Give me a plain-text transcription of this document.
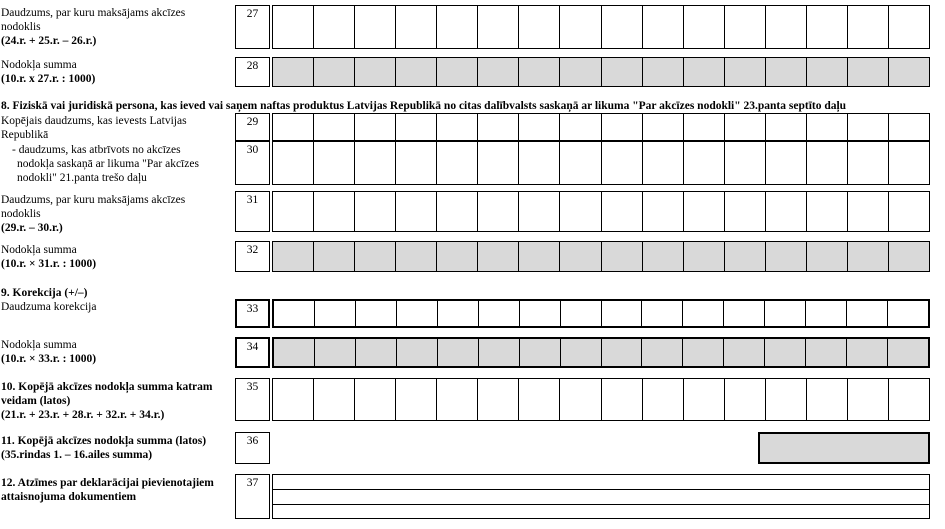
Daudzums, par kuru maksājams akcīzes
nodoklis
(24.r. + 25.r. – 26.r.)
27
Nodokļa summa
(10.r. x 27.r. : 1000)
28
8. Fiziskā vai juridiskā persona, kas ieved vai saņem naftas produktus Latvijas Republikā no citas dalībvalsts saskaņā ar likuma "Par akcīzes nodokli" 23.panta septīto daļu
Kopējais daudzums, kas ievests Latvijas
Republikā
29
- daudzums, kas atbrīvots no akcīzes
nodokļa saskaņā ar likuma "Par akcīzes
nodokli" 21.panta trešo daļu
30
Daudzums, par kuru maksājams akcīzes
nodoklis
(29.r. – 30.r.)
31
Nodokļa summa
(10.r. × 31.r. : 1000)
32
9. Korekcija (+/–)
Daudzuma korekcija	33
Nodokļa summa
(10.r. × 33.r. : 1000)
34
10. Kopējā akcīzes nodokļa summa katram
veidam (latos)
(21.r. + 23.r. + 28.r. + 32.r. + 34.r.)
35
11. Kopējā akcīzes nodokļa summa (latos)
(35.rindas 1. – 16.ailes summa)
36
12. Atzīmes par deklarācijai pievienotajiem
attaisnojuma dokumentiem
37
